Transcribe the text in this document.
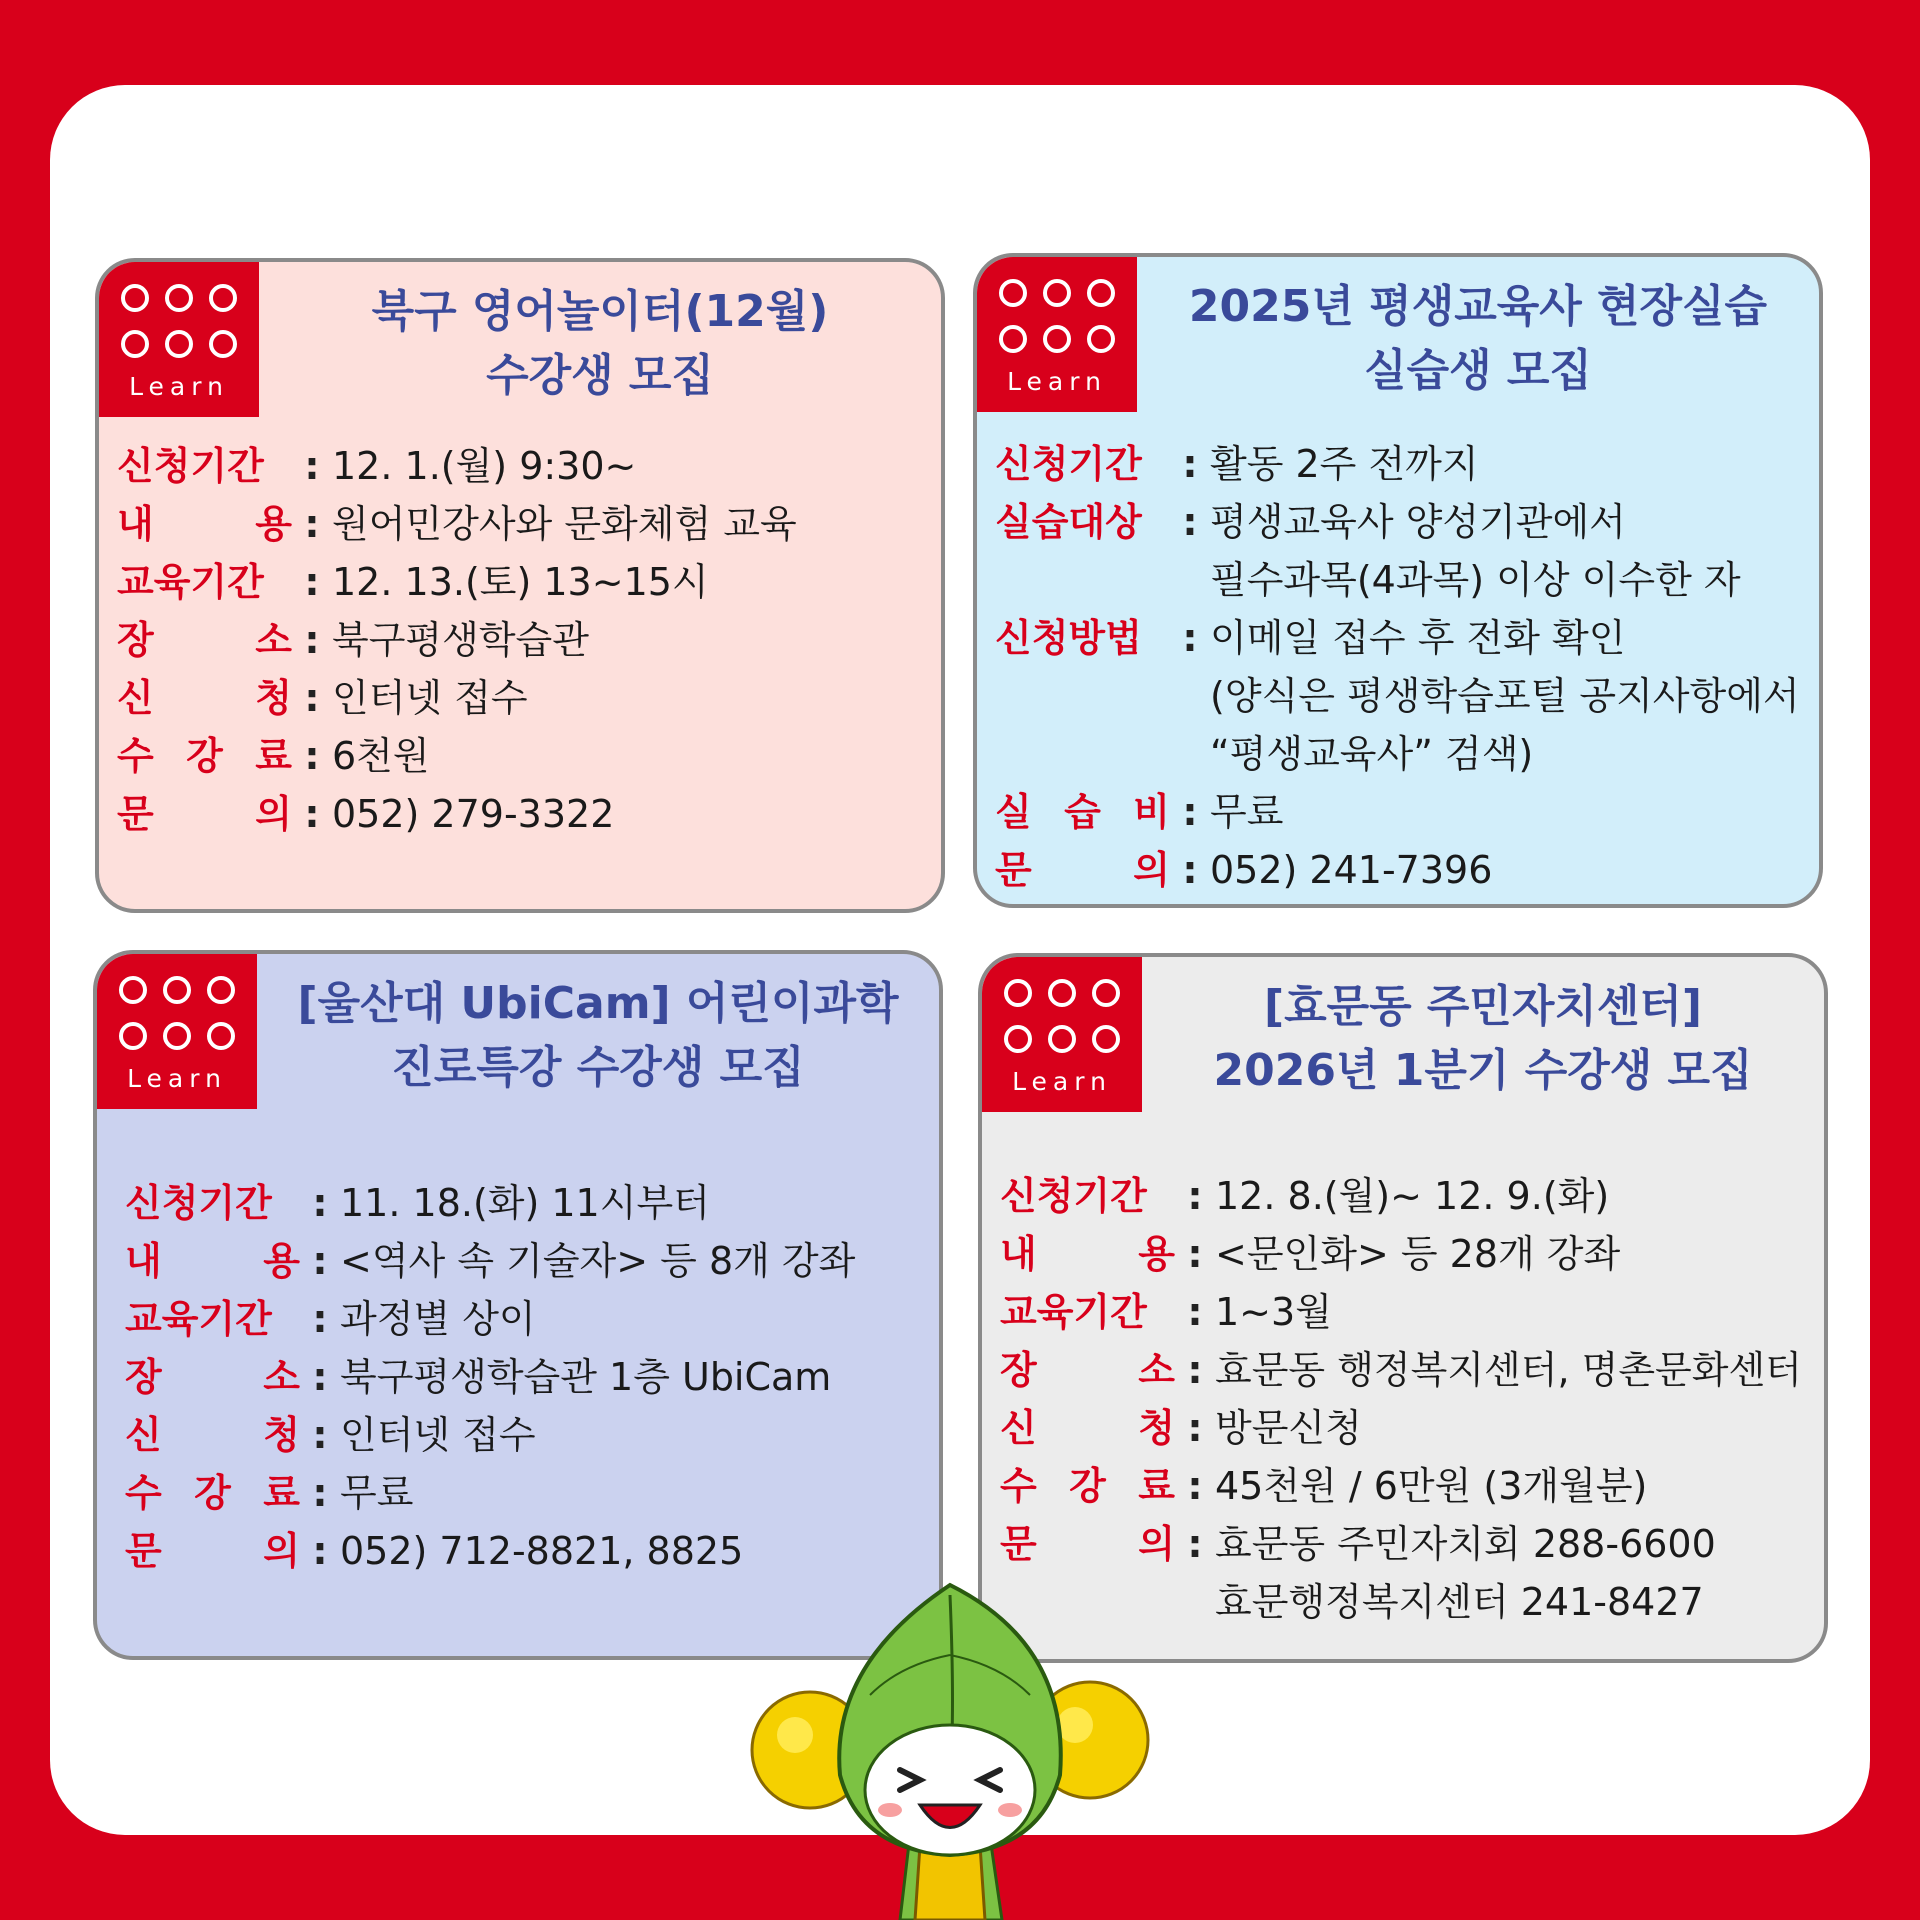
Learn
북구 영어놀이터(12월)
수강생 모집
신청기간	: 12. 1.(월) 9:30~
내	용 : 원어민강사와 문화체험 교육
교육기간	: 12. 13.(토) 13~15시
장	소 : 북구평생학습관
신	청 : 인터넷 접수
수 강 료 : 6천원
문	의 : 052) 279-3322
Learn
2025년 평생교육사 현장실습
실습생 모집
신청기간	: 활동 2주 전까지
실습대상	: 평생교육사 양성기관에서
필수과목(4과목) 이상 이수한 자
신청방법	: 이메일 접수 후 전화 확인
(양식은 평생학습포털 공지사항에서
“평생교육사” 검색)
실 습 비 : 무료
문	의 : 052) 241-7396
Learn
[울산대 UbiCam] 어린이과학
진로특강 수강생 모집
신청기간	: 11. 18.(화) 11시부터
내	용 : <역사 속 기술자> 등 8개 강좌
교육기간	: 과정별 상이
장	소 : 북구평생학습관 1층 UbiCam
신	청 : 인터넷 접수
수 강 료 : 무료
문	의 : 052) 712-8821, 8825
Learn
[효문동 주민자치센터]
2026년 1분기 수강생 모집
신청기간	: 12. 8.(월)~ 12. 9.(화)
내	용 : <문인화> 등 28개 강좌
교육기간	: 1~3월
장	소 : 효문동 행정복지센터, 명촌문화센터
신	청 : 방문신청
수 강 료 : 45천원 / 6만원 (3개월분)
문	의 : 효문동 주민자치회 288-6600
효문행정복지센터 241-8427
